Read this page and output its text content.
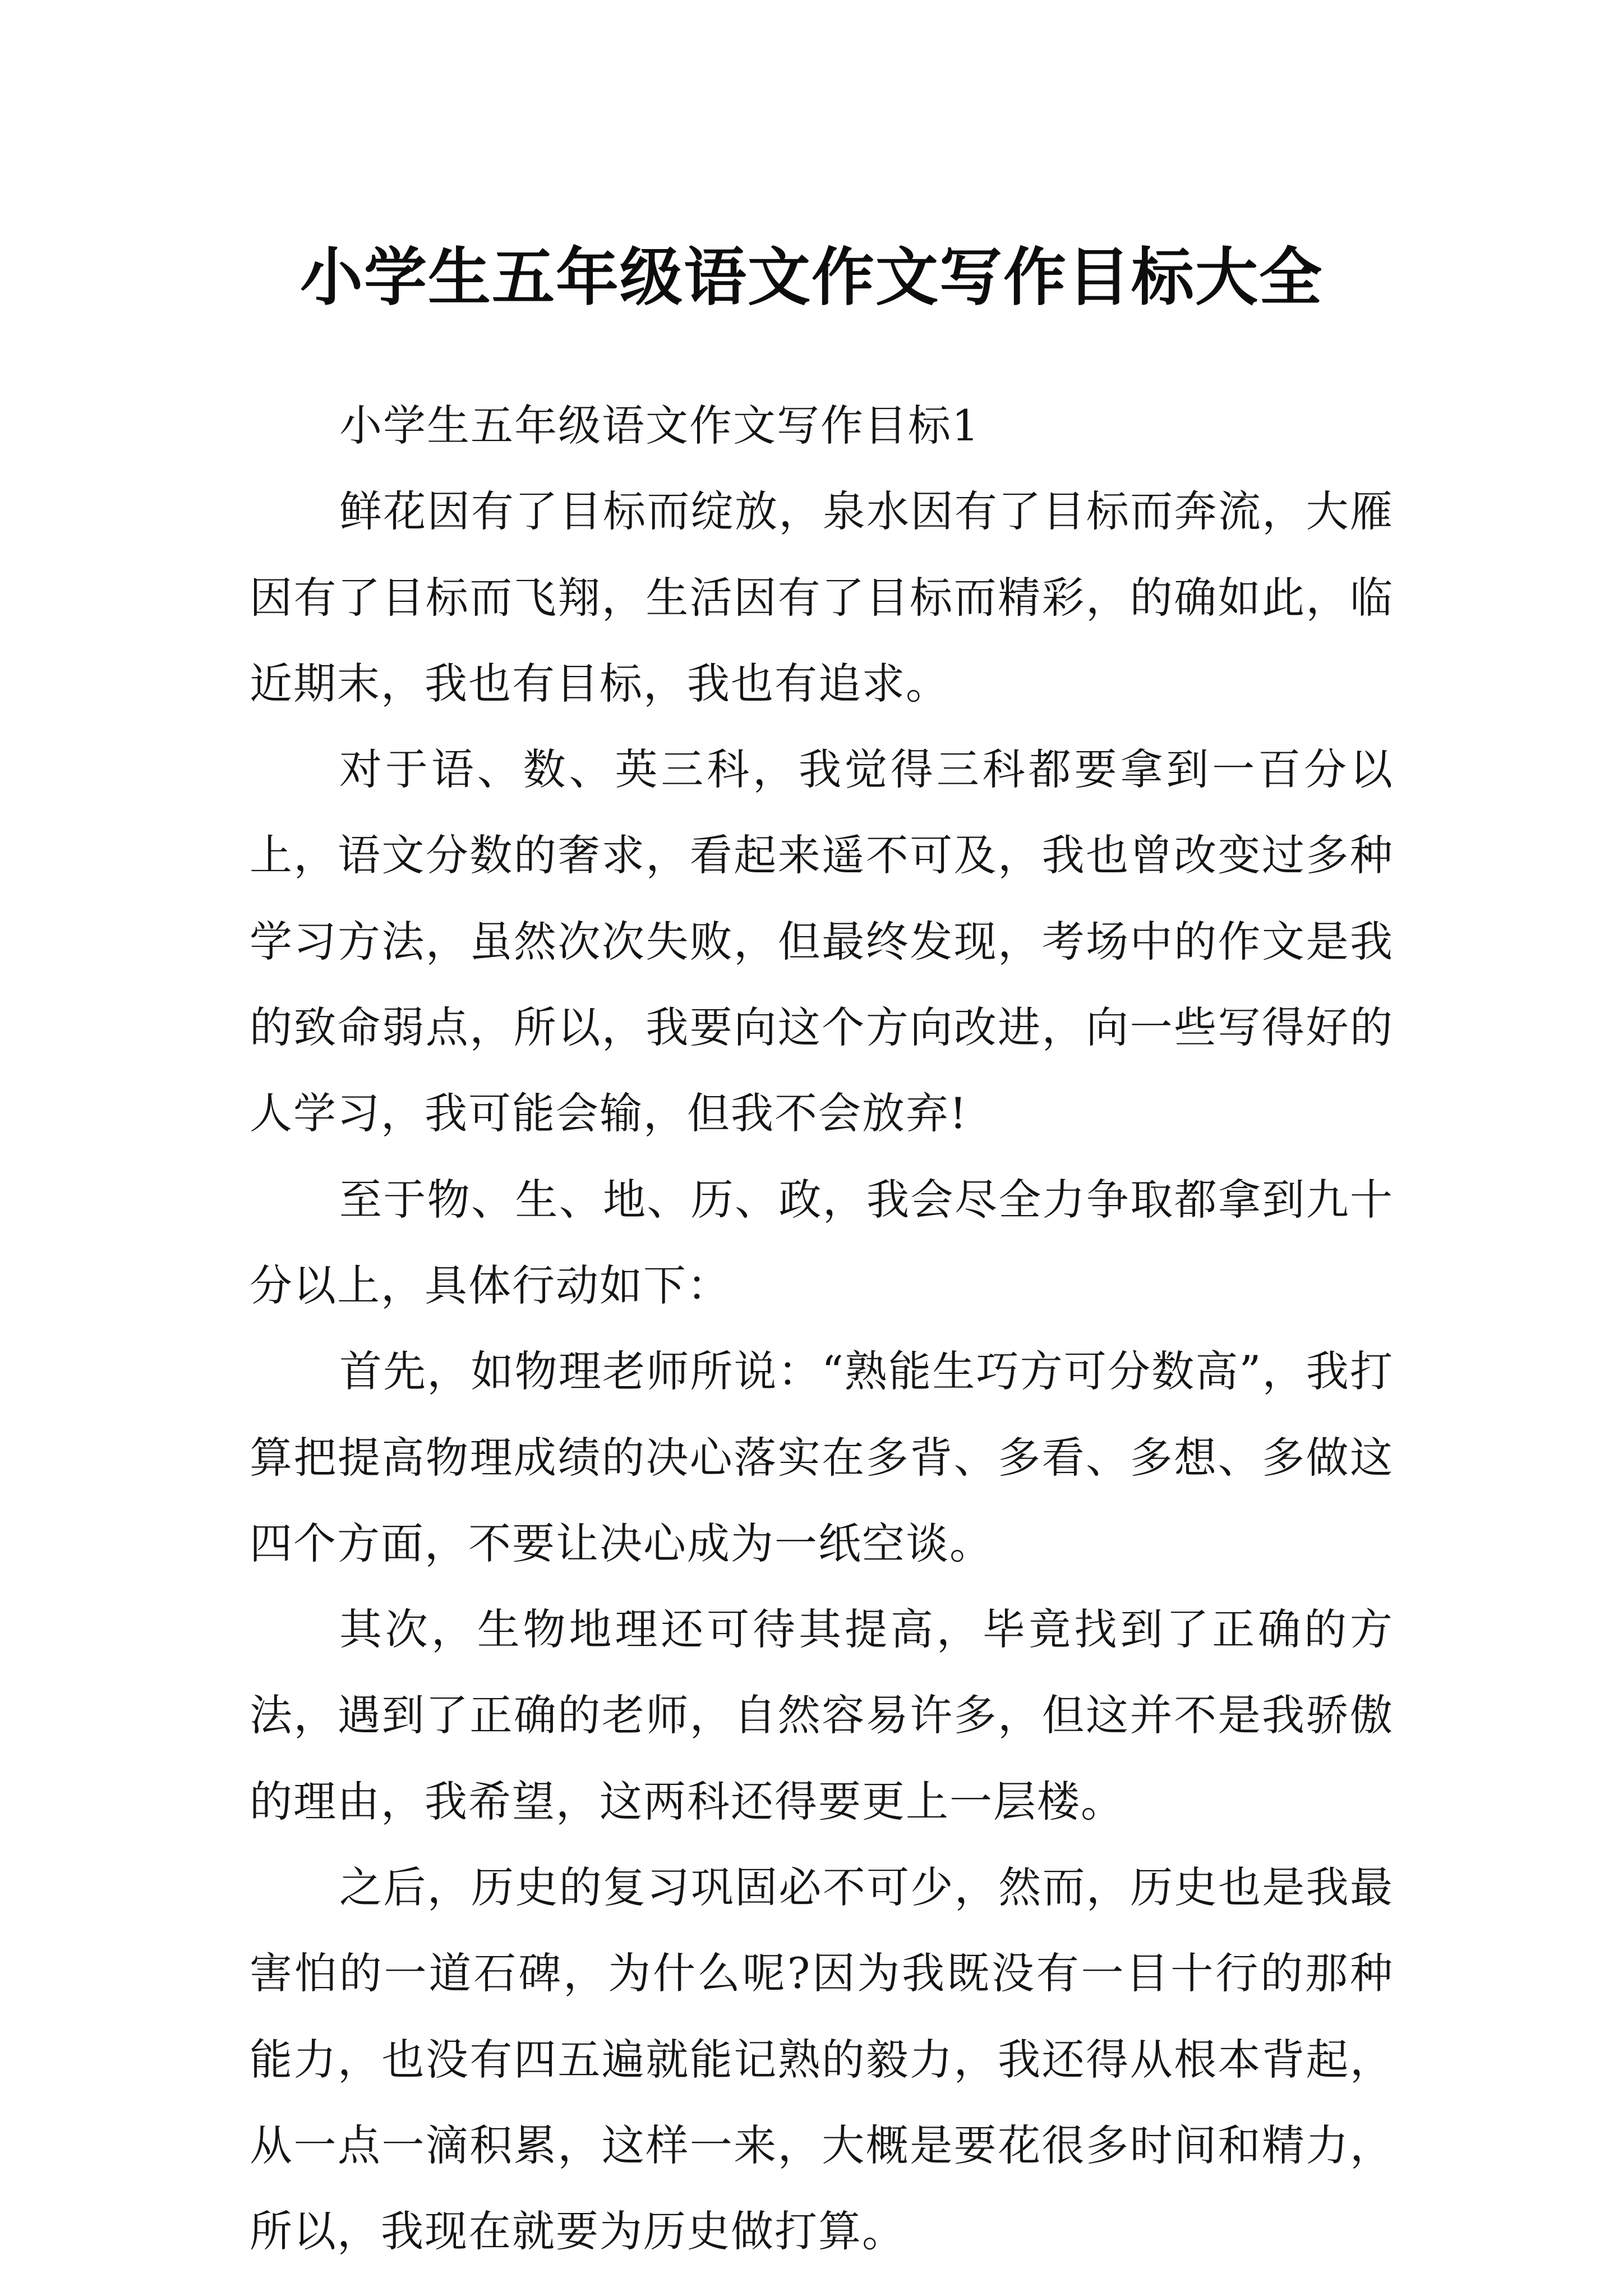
小学生五年级语文作文写作目标大全

小学生五年级语文作文写作目标1

鲜花因有了目标而绽放，泉水因有了目标而奔流，大雁因有了目标而飞翔，生活因有了目标而精彩，的确如此，临近期末，我也有目标，我也有追求。

对于语、数、英三科，我觉得三科都要拿到一百分以上，语文分数的奢求，看起来遥不可及，我也曾改变过多种学习方法，虽然次次失败，但最终发现，考场中的作文是我的致命弱点，所以，我要向这个方向改进，向一些写得好的人学习，我可能会输，但我不会放弃!

至于物、生、地、历、政，我会尽全力争取都拿到九十分以上，具体行动如下：

首先，如物理老师所说：“熟能生巧方可分数高”，我打算把提高物理成绩的决心落实在多背、多看、多想、多做这四个方面，不要让决心成为一纸空谈。

其次，生物地理还可待其提高，毕竟找到了正确的方法，遇到了正确的老师，自然容易许多，但这并不是我骄傲的理由，我希望，这两科还得要更上一层楼。

之后，历史的复习巩固必不可少，然而，历史也是我最害怕的一道石碑，为什么呢?因为我既没有一目十行的那种能力，也没有四五遍就能记熟的毅力，我还得从根本背起，从一点一滴积累，这样一来，大概是要花很多时间和精力，所以，我现在就要为历史做打算。
